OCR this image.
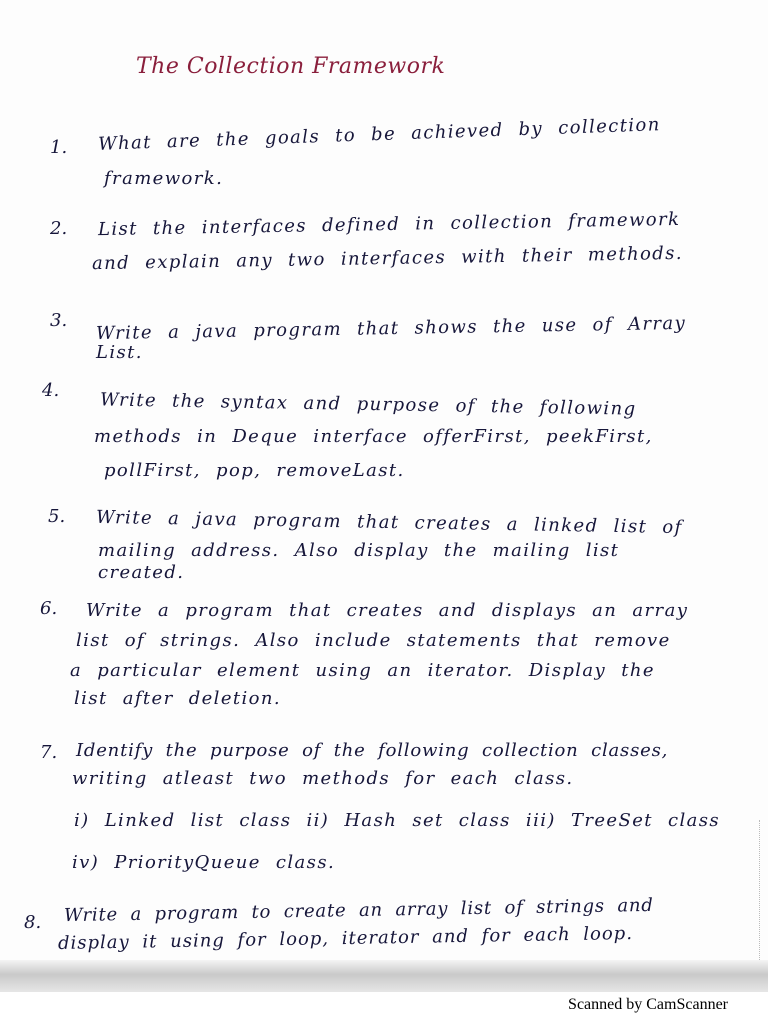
The Collection Framework
1. What are the goals to be achieved by collection
framework.
2. List the interfaces defined in collection framework
and explain any two interfaces with their methods.
3. Write a java program that shows the use of Array
List.
4. Write the syntax and purpose of the following
methods in Deque interface offerFirst, peekFirst,
pollFirst, pop, removeLast.
5. Write a java program that creates a linked list of
mailing address. Also display the mailing list
created.
6. Write a program that creates and displays an array
list of strings. Also include statements that remove
a particular element using an iterator. Display the
list after deletion.
7. Identify the purpose of the following collection classes,
writing atleast two methods for each class.
i) Linked list class ii) Hash set class iii) TreeSet class
iv) PriorityQueue class.
8. Write a program to create an array list of strings and
display it using for loop, iterator and for each loop.
Scanned by CamScanner
